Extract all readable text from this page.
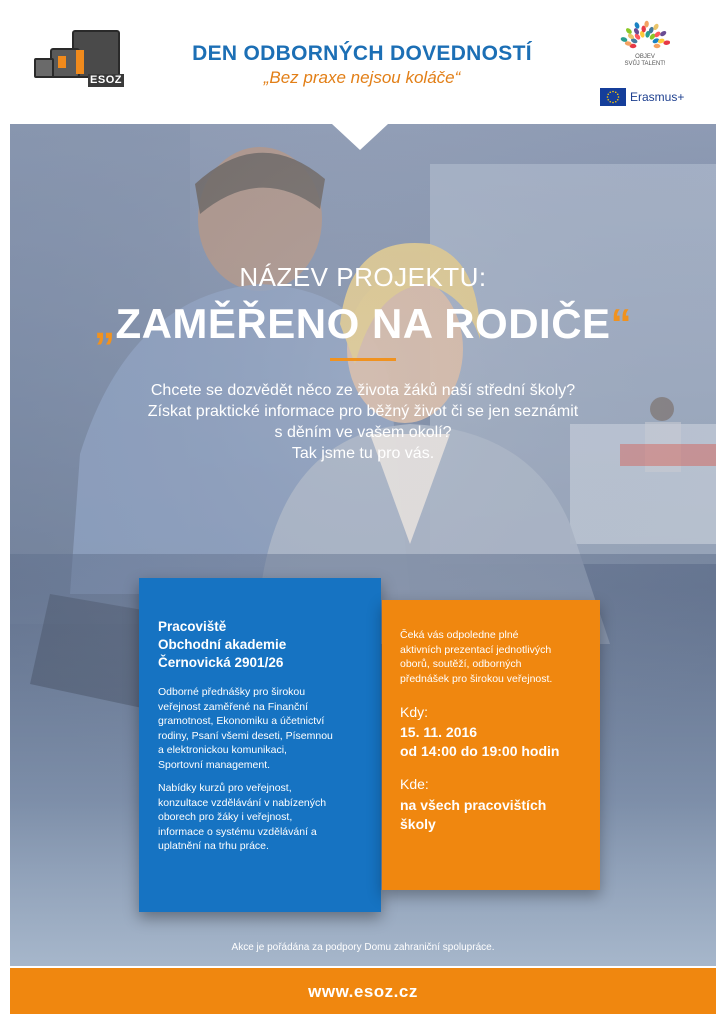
ESOZ
DEN ODBORNÝCH DOVEDNOSTÍ
„Bez praxe nejsou koláče“
OBJEV
SVŮJ TALENT!
Erasmus+
NÁZEV PROJEKTU:
„ZAMĚŘENO NA RODIČE“
Chcete se dozvědět něco ze života žáků naší střední školy?
Získat praktické informace pro běžný život či se jen seznámit
s děním ve vašem okolí?
Tak jsme tu pro vás.
Pracoviště
Obchodní akademie
Černovická 2901/26
Odborné přednášky pro širokou
veřejnost zaměřené na Finanční
gramotnost, Ekonomiku a účetnictví
rodiny, Psaní všemi deseti, Písemnou
a elektronickou komunikaci,
Sportovní management.
Nabídky kurzů pro veřejnost,
konzultace vzdělávání v nabízených
oborech pro žáky i veřejnost,
informace o systému vzdělávání a
uplatnění na trhu práce.
Čeká vás odpoledne plné
aktivních prezentací jednotlivých
oborů, soutěží, odborných
přednášek pro širokou veřejnost.
Kdy:
15. 11. 2016
od 14:00 do 19:00 hodin
Kde:
na všech pracovištích
školy
Akce je pořádána za podpory Domu zahraniční spolupráce.
www.esoz.cz
